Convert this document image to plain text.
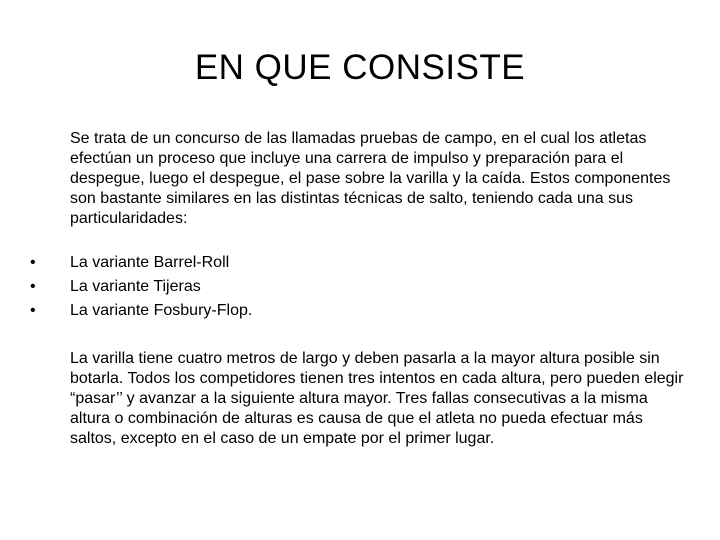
EN QUE CONSISTE

Se trata de un concurso de las llamadas pruebas de campo, en el cual los atletas efectúan un proceso que incluye una carrera de impulso y preparación para el despegue, luego el despegue, el pase sobre la varilla y la caída. Estos componentes son bastante similares en las distintas técnicas de salto, teniendo cada una sus particularidades:

• La variante Barrel-Roll
• La variante Tijeras
• La variante Fosbury-Flop.

La varilla tiene cuatro metros de largo y deben pasarla a la mayor altura posible sin botarla. Todos los competidores tienen tres intentos en cada altura, pero pueden elegir “pasar’’ y avanzar a la siguiente altura mayor. Tres fallas consecutivas a la misma altura o combinación de alturas es causa de que el atleta no pueda efectuar más saltos, excepto en el caso de un empate por el primer lugar.
